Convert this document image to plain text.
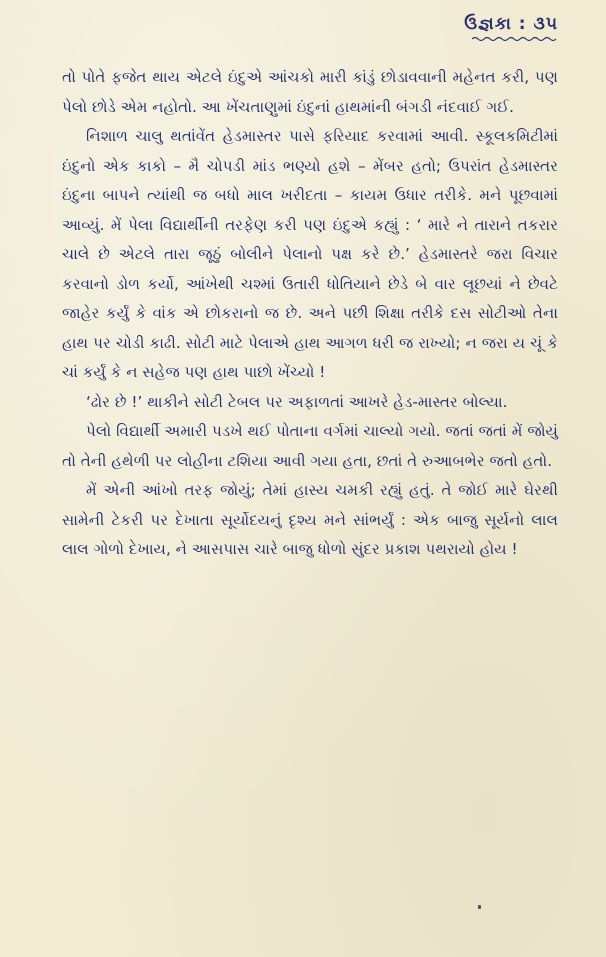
ઉજ્ઞકા : ૩૫

તો પોતે ફજેત થાય એટલે ઇંદુએ આંચકો મારી કાંડું છોડાવવાની મહેનત કરી, પણ પેલો છોડે એમ નહોતો. આ ખેંચતાણુમાં ઇંદુનાં હાથમાંની બંગડી નંદવાઈ ગઈ.

નિશાળ ચાલુ થતાંવેંત હેડમાસ્તર પાસે ફરિયાદ કરવામાં આવી. સ્કૂલકમિટીમાં ઇંદુનો એક કાકો – મૈ ચોપડી માંડ ભણ્યો હશે – મેંબર હતો; ઉપરાંત હેડમાસ્તર ઇંદુના બાપને ત્યાંથી જ બધો માલ ખરીદતા – કાયમ ઉધાર તરીકે. મને પૂછવામાં આવ્યું. મેં પેલા વિદ્યાર્થીની તરફેણ કરી પણ ઇંદુએ કહ્યું : ‘ મારે ને તારાને તકરાર ચાલે છે એટલે તારા જૂઠું બોલીને પેલાનો પક્ષ કરે છે.’ હેડમાસ્તરે જરા વિચાર કરવાનો ડોળ કર્યો, આંખેથી ચશ્માં ઉતારી ધોતિયાને છેડે બે વાર લૂછયાં ને છેવટે જાહેર કર્યું કે વાંક એ છોકરાનો જ છે. અને પછી શિક્ષા તરીકે દસ સોટીઓ તેના હાથ પર ચોડી કાઢી. સોટી માટે પેલાએ હાથ આગળ ધરી જ રાખ્યો; ન જરા ય ચૂં કે ચાં કર્યું કે ન સહેજ પણ હાથ પાછો ખેંચ્યો !

‘ઢોર છે !’ થાકીને સોટી ટેબલ પર અફાળતાં આખરે હેડ-માસ્તર બોલ્યા.

પેલો વિદ્યાર્થી અમારી પડખે થઈ પોતાના વર્ગમાં ચાલ્યો ગયો. જતાં જતાં મેં જોયું તો તેની હથેળી પર લોહીના ટશિયા આવી ગયા હતા, છતાં તે રુઆબભેર જતો હતો.

મેં એની આંખો તરફ જોયું; તેમાં હાસ્ય ચમકી રહ્યું હતું. તે જોઈ મારે ઘેરથી સામેની ટેકરી પર દેખાતા સૂર્યોદયનું દૃશ્ય મને સાંભર્યું : એક બાજુ સૂર્યનો લાલ લાલ ગોળો દેખાય, ને આસપાસ ચારે બાજુ ધોળો સુંદર પ્રકાશ પથરાયો હોય !
